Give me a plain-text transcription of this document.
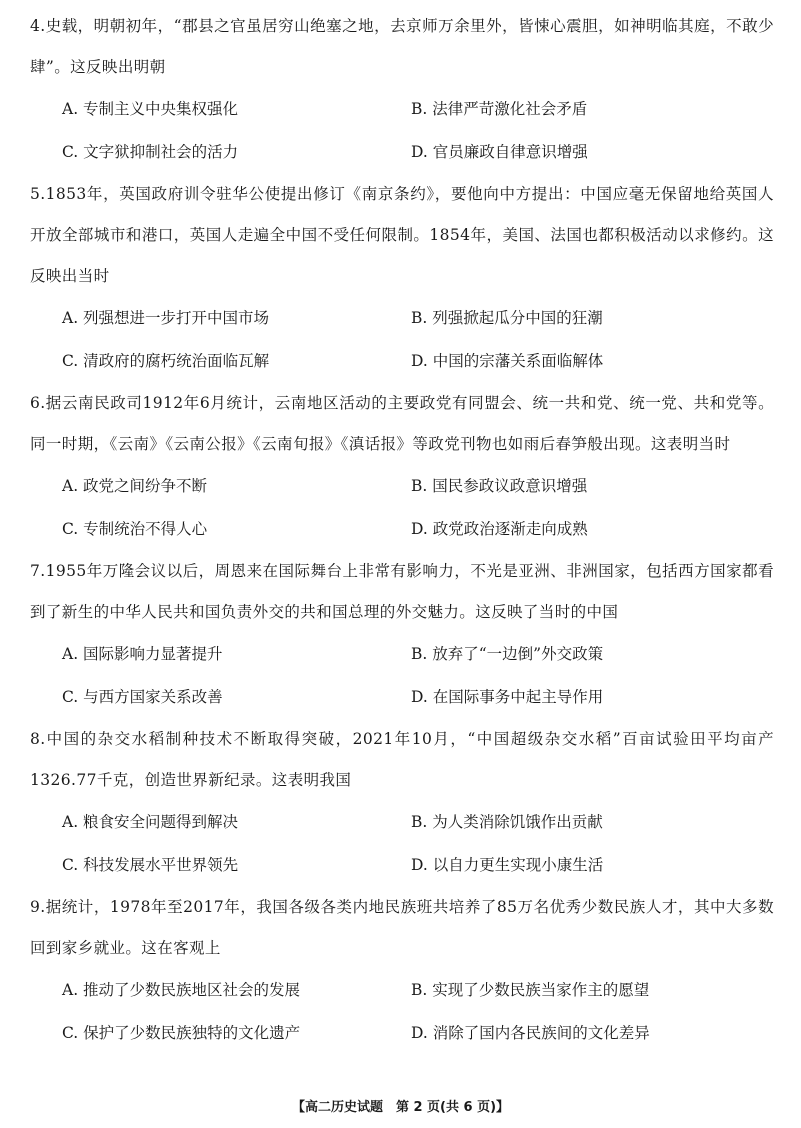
4.史载，明朝初年，“郡县之官虽居穷山绝塞之地，去京师万余里外，皆悚心震胆，如神明临其庭，不敢少肆”。这反映出明朝
A. 专制主义中央集权强化	B. 法律严苛激化社会矛盾
C. 文字狱抑制社会的活力	D. 官员廉政自律意识增强
5.1853年，英国政府训令驻华公使提出修订《南京条约》，要他向中方提出：中国应毫无保留地给英国人开放全部城市和港口，英国人走遍全中国不受任何限制。1854年，美国、法国也都积极活动以求修约。这反映出当时
A. 列强想进一步打开中国市场	B. 列强掀起瓜分中国的狂潮
C. 清政府的腐朽统治面临瓦解	D. 中国的宗藩关系面临解体
6.据云南民政司1912年6月统计，云南地区活动的主要政党有同盟会、统一共和党、统一党、共和党等。同一时期，《云南》《云南公报》《云南旬报》《滇话报》等政党刊物也如雨后春笋般出现。这表明当时
A. 政党之间纷争不断	B. 国民参政议政意识增强
C. 专制统治不得人心	D. 政党政治逐渐走向成熟
7.1955年万隆会议以后，周恩来在国际舞台上非常有影响力，不光是亚洲、非洲国家，包括西方国家都看到了新生的中华人民共和国负责外交的共和国总理的外交魅力。这反映了当时的中国
A. 国际影响力显著提升	B. 放弃了“一边倒”外交政策
C. 与西方国家关系改善	D. 在国际事务中起主导作用
8.中国的杂交水稻制种技术不断取得突破，2021年10月，“中国超级杂交水稻”百亩试验田平均亩产1326.77千克，创造世界新纪录。这表明我国
A. 粮食安全问题得到解决	B. 为人类消除饥饿作出贡献
C. 科技发展水平世界领先	D. 以自力更生实现小康生活
9.据统计，1978年至2017年，我国各级各类内地民族班共培养了85万名优秀少数民族人才，其中大多数回到家乡就业。这在客观上
A. 推动了少数民族地区社会的发展	B. 实现了少数民族当家作主的愿望
C. 保护了少数民族独特的文化遗产	D. 消除了国内各民族间的文化差异
【高二历史试题　第 2 页(共 6 页)】
